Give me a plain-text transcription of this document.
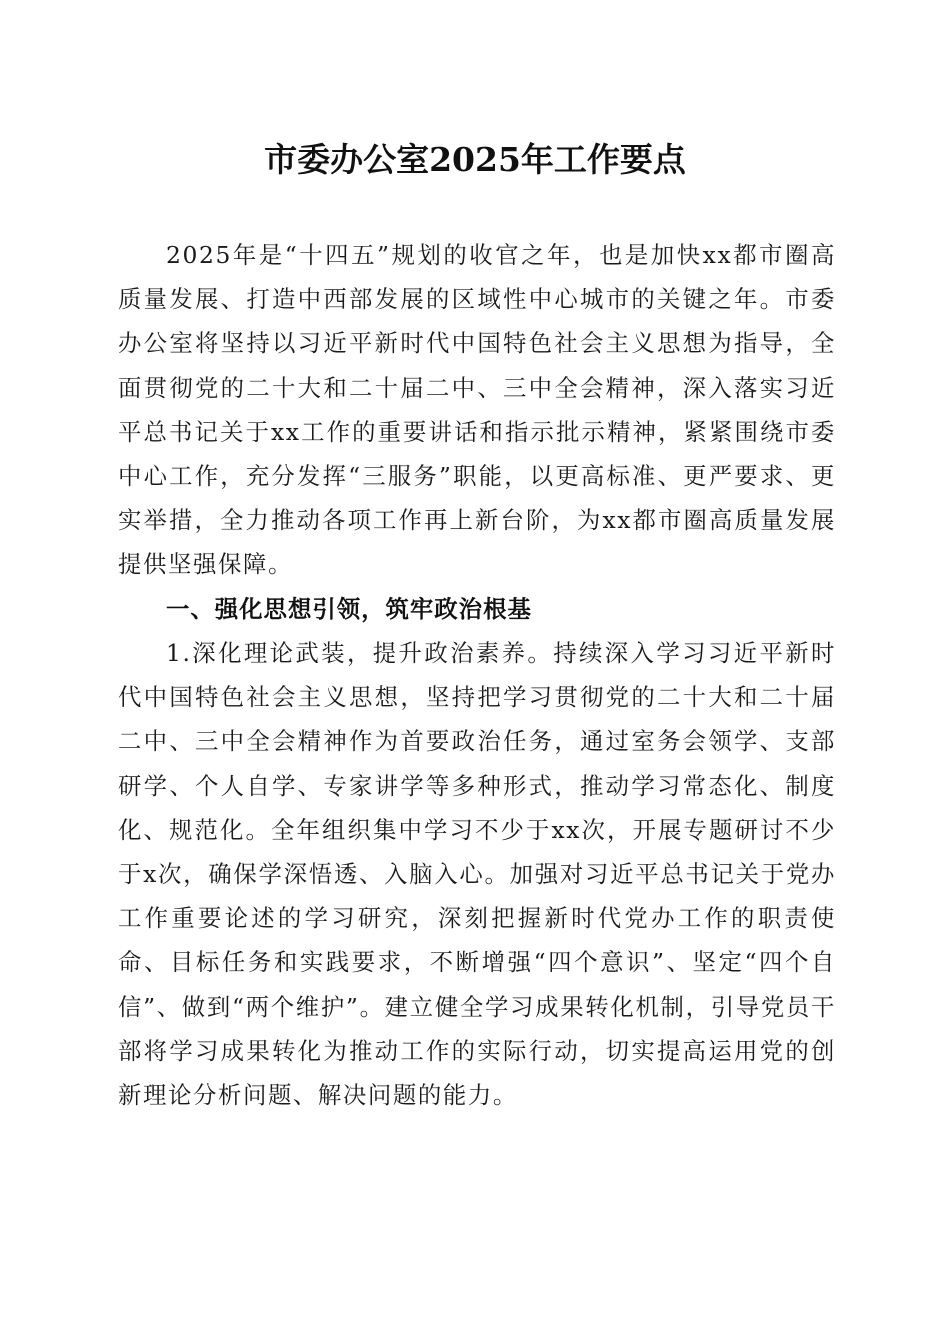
市委办公室2025年工作要点

2025年是“十四五”规划的收官之年，也是加快xx都市圈高质量发展、打造中西部发展的区域性中心城市的关键之年。市委办公室将坚持以习近平新时代中国特色社会主义思想为指导，全面贯彻党的二十大和二十届二中、三中全会精神，深入落实习近平总书记关于xx工作的重要讲话和指示批示精神，紧紧围绕市委中心工作，充分发挥“三服务”职能，以更高标准、更严要求、更实举措，全力推动各项工作再上新台阶，为xx都市圈高质量发展提供坚强保障。

一、强化思想引领，筑牢政治根基

1.深化理论武装，提升政治素养。持续深入学习习近平新时代中国特色社会主义思想，坚持把学习贯彻党的二十大和二十届二中、三中全会精神作为首要政治任务，通过室务会领学、支部研学、个人自学、专家讲学等多种形式，推动学习常态化、制度化、规范化。全年组织集中学习不少于xx次，开展专题研讨不少于x次，确保学深悟透、入脑入心。加强对习近平总书记关于党办工作重要论述的学习研究，深刻把握新时代党办工作的职责使命、目标任务和实践要求，不断增强“四个意识”、坚定“四个自信”、做到“两个维护”。建立健全学习成果转化机制，引导党员干部将学习成果转化为推动工作的实际行动，切实提高运用党的创新理论分析问题、解决问题的能力。
